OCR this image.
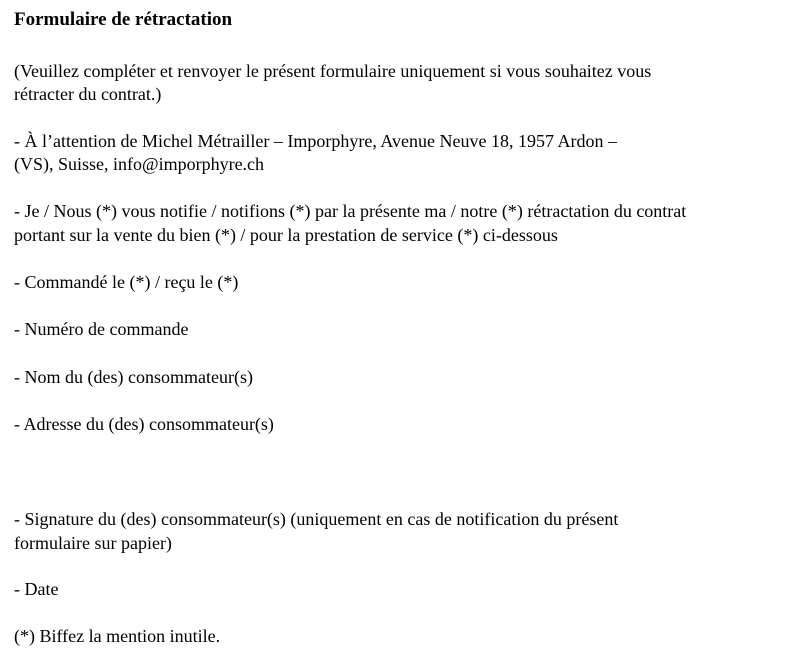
Formulaire de rétractation

(Veuillez compléter et renvoyer le présent formulaire uniquement si vous souhaitez vous

rétracter du contrat.)

- À l’attention de Michel Métrailler – Imporphyre, Avenue Neuve 18, 1957 Ardon –

(VS), Suisse, info@imporphyre.ch

- Je / Nous (*) vous notifie / notifions (*) par la présente ma / notre (*) rétractation du contrat

portant sur la vente du bien (*) / pour la prestation de service (*) ci-dessous

- Commandé le (*) / reçu le (*)

- Numéro de commande

- Nom du (des) consommateur(s)

- Adresse du (des) consommateur(s)

- Signature du (des) consommateur(s) (uniquement en cas de notification du présent

formulaire sur papier)

- Date

(*) Biffez la mention inutile.
